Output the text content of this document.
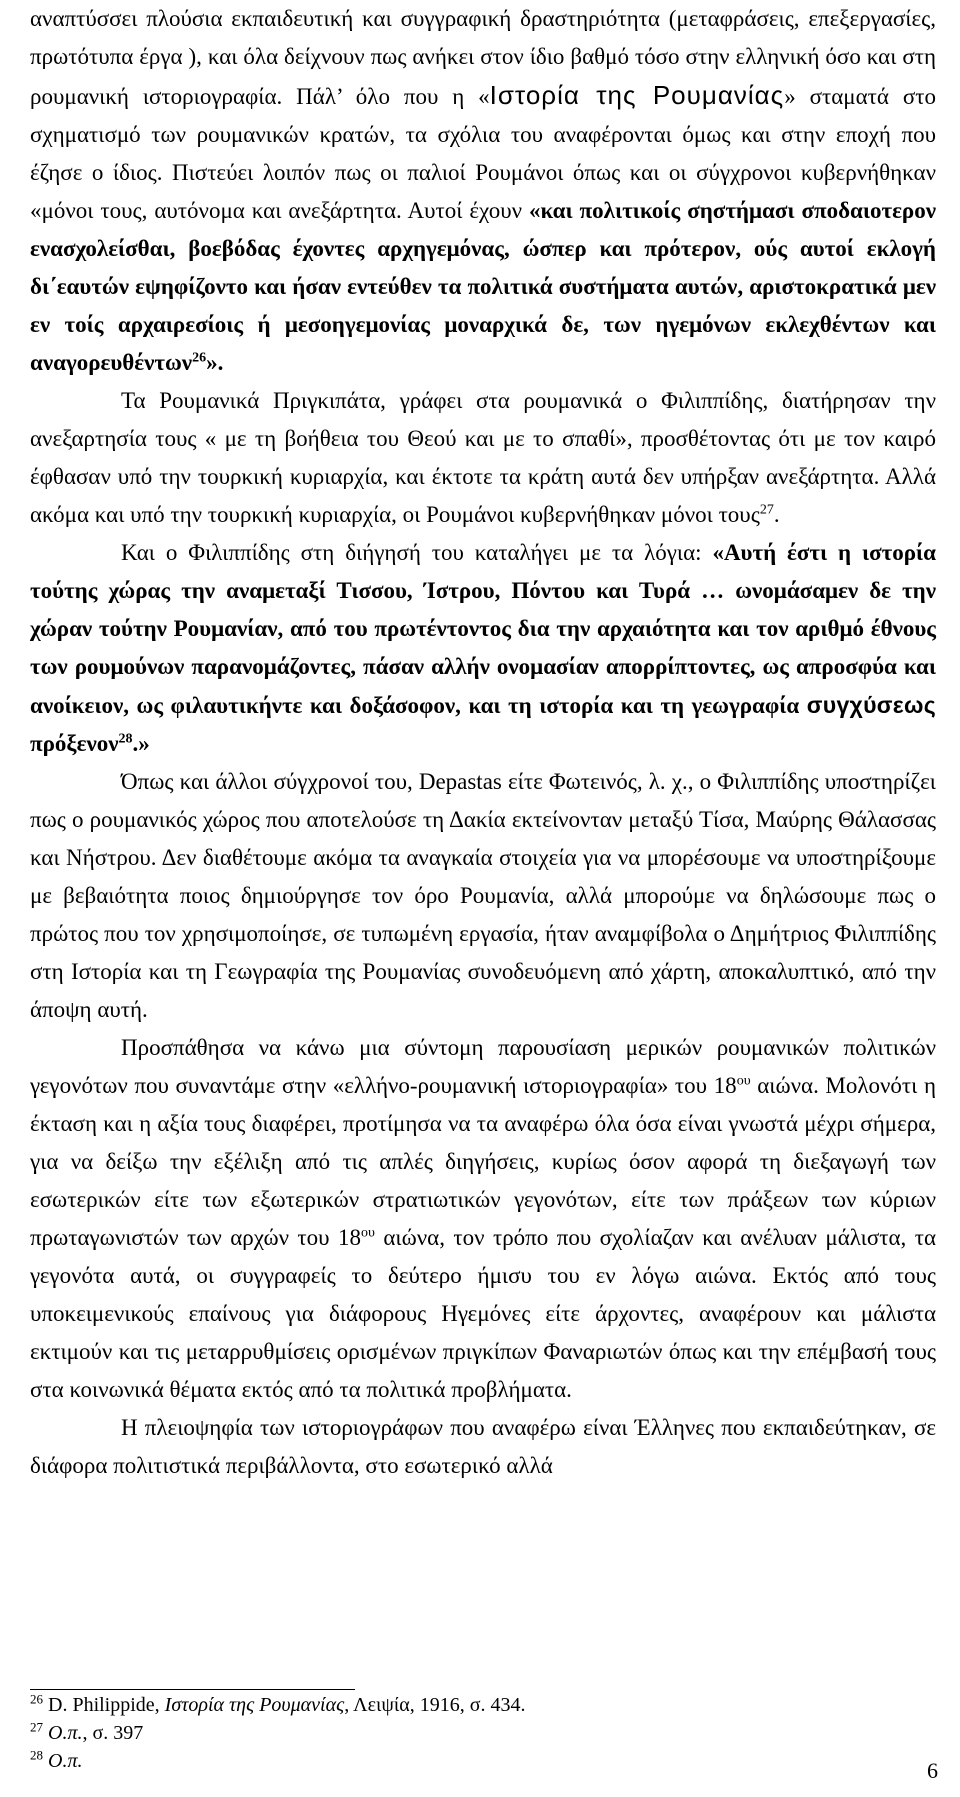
αναπτύσσει πλούσια εκπαιδευτική και συγγραφική δραστηριότητα (μεταφράσεις, επεξεργασίες, πρωτότυπα έργα ), και όλα δείχνουν πως ανήκει στον ίδιο βαθμό τόσο στην ελληνική όσο και στη ρουμανική ιστοριογραφία. Πάλ’ όλο που η «Ιστορία της Ρουμανίας» σταματά στο σχηματισμό των ρουμανικών κρατών, τα σχόλια του αναφέρονται όμως και στην εποχή που έζησε ο ίδιος. Πιστεύει λοιπόν πως οι παλιοί Ρουμάνοι όπως και οι σύγχρονοι κυβερνήθηκαν «μόνοι τους, αυτόνομα και ανεξάρτητα. Αυτοί έχουν «και πολιτικοίς σηστήμασι σποδαιοτερον ενασχολείσθαι, βοεβόδας έχοντες αρχηγεμόνας, ώσπερ και πρότερον, ούς αυτοί εκλογή δι΄εαυτών εψηφίζοντο και ήσαν εντεύθεν τα πολιτικά συστήματα αυτών, αριστοκρατικά μεν εν τοίς αρχαιρεσίοις ή μεσοηγεμονίας μοναρχικά δε, των ηγεμόνων εκλεχθέντων και αναγορευθέντων$^{26}$».

Τα Ρουμανικά Πριγκιπάτα, γράφει στα ρουμανικά ο Φιλιππίδης, διατήρησαν την ανεξαρτησία τους « με τη βοήθεια του Θεού και με το σπαθί», προσθέτοντας ότι με τον καιρό έφθασαν υπό την τουρκική κυριαρχία, και έκτοτε τα κράτη αυτά δεν υπήρξαν ανεξάρτητα. Αλλά ακόμα και υπό την τουρκική κυριαρχία, οι Ρουμάνοι κυβερνήθηκαν μόνοι τους$^{27}$.

Και ο Φιλιππίδης στη διήγησή του καταλήγει με τα λόγια: «Αυτή έστι η ιστορία τούτης χώρας την αναμεταξί Τισσου, Ίστρου, Πόντου και Τυρά … ωνομάσαμεν δε την χώραν τούτην Ρουμανίαν, από του πρωτέντοντος δια την αρχαιότητα και τον αριθμό έθνους των ρουμούνων παρανομάζοντες, πάσαν αλλήν ονομασίαν απορρίπτοντες, ως απροσφύα και ανοίκειον, ως φιλαυτικήντε και δοξάσοφον, και τη ιστορία και τη γεωγραφία συγχύσεως πρόξενον$^{28}$.»

Όπως και άλλοι σύγχρονοί του, Depastas είτε Φωτεινός, λ. χ., ο Φιλιππίδης υποστηρίζει πως ο ρουμανικός χώρος που αποτελούσε τη Δακία εκτείνονταν μεταξύ Τίσα, Μαύρης Θάλασσας και Νήστρου. Δεν διαθέτουμε ακόμα τα αναγκαία στοιχεία για να μπορέσουμε να υποστηρίξουμε με βεβαιότητα ποιος δημιούργησε τον όρο Ρουμανία, αλλά μπορούμε να δηλώσουμε πως ο πρώτος που τον χρησιμοποίησε, σε τυπωμένη εργασία, ήταν αναμφίβολα ο Δημήτριος Φιλιππίδης στη Ιστορία και τη Γεωγραφία της Ρουμανίας συνοδευόμενη από χάρτη, αποκαλυπτικό, από την άποψη αυτή.

Προσπάθησα να κάνω μια σύντομη παρουσίαση μερικών ρουμανικών πολιτικών γεγονότων που συναντάμε στην «ελλήνο-ρουμανική ιστοριογραφία» του $18^{o\upsilon}$ αιώνα. Μολονότι η έκταση και η αξία τους διαφέρει, προτίμησα να τα αναφέρω όλα όσα είναι γνωστά μέχρι σήμερα, για να δείξω την εξέλιξη από τις απλές διηγήσεις, κυρίως όσον αφορά τη διεξαγωγή των εσωτερικών είτε των εξωτερικών στρατιωτικών γεγονότων, είτε των πράξεων των κύριων πρωταγωνιστών των αρχών του $18^{o\upsilon}$ αιώνα, τον τρόπο που σχολίαζαν και ανέλυαν μάλιστα, τα γεγονότα αυτά, οι συγγραφείς το δεύτερο ήμισυ του εν λόγω αιώνα. Εκτός από τους υποκειμενικούς επαίνους για διάφορους Ηγεμόνες είτε άρχοντες, αναφέρουν και μάλιστα εκτιμούν και τις μεταρρυθμίσεις ορισμένων πριγκίπων Φαναριωτών όπως και την επέμβασή τους στα κοινωνικά θέματα εκτός από τα πολιτικά προβλήματα.

Η πλειοψηφία των ιστοριογράφων που αναφέρω είναι Έλληνες που εκπαιδεύτηκαν, σε διάφορα πολιτιστικά περιβάλλοντα, στο εσωτερικό αλλά

$^{26}$ D. Philippide, Ιστορία της Ρουμανίας, Λειψία, 1916, σ. 434.

$^{27}$ Ο.π., σ. 397

$^{28}$ Ο.π.	6
